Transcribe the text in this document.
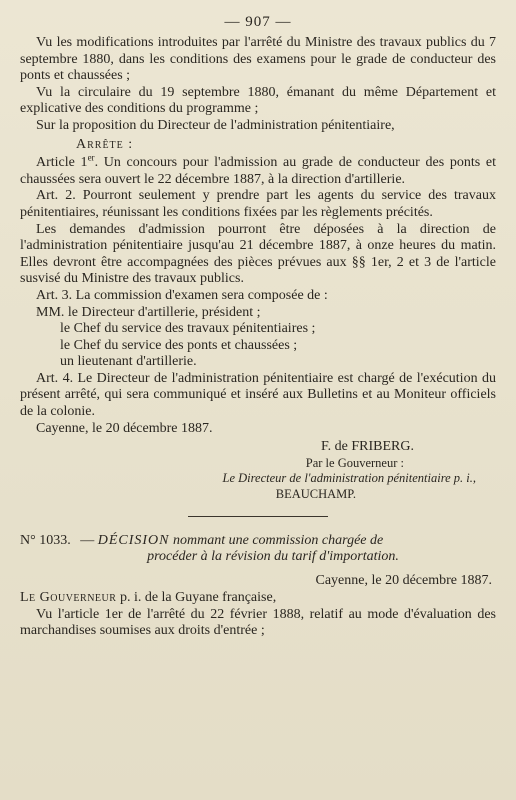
— 907 —

Vu les modifications introduites par l'arrêté du Ministre des travaux publics du 7 septembre 1880, dans les conditions des examens pour le grade de conducteur des ponts et chaussées ;

Vu la circulaire du 19 septembre 1880, émanant du même Département et explicative des conditions du programme ;

Sur la proposition du Directeur de l'administration pénitentiaire,

Arrête :

Article 1er. Un concours pour l'admission au grade de conducteur des ponts et chaussées sera ouvert le 22 décembre 1887, à la direction d'artillerie.

Art. 2. Pourront seulement y prendre part les agents du service des travaux pénitentiaires, réunissant les conditions fixées par les règlements précités.

Les demandes d'admission pourront être déposées à la direction de l'administration pénitentiaire jusqu'au 21 décembre 1887, à onze heures du matin. Elles devront être accompagnées des pièces prévues aux §§ 1er, 2 et 3 de l'article susvisé du Ministre des travaux publics.

Art. 3. La commission d'examen sera composée de :

MM. le Directeur d'artillerie, président ;

le Chef du service des travaux pénitentiaires ;

le Chef du service des ponts et chaussées ;

un lieutenant d'artillerie.

Art. 4. Le Directeur de l'administration pénitentiaire est chargé de l'exécution du présent arrêté, qui sera communiqué et inséré aux Bulletins et au Moniteur officiels de la colonie.

Cayenne, le 20 décembre 1887.

F. de FRIBERG.
Par le Gouverneur :
Le Directeur de l'administration pénitentiaire p. i.,
BEAUCHAMP.
N° 1033. — DÉCISION nommant une commission chargée de
procéder à la révision du tarif d'importation.
Cayenne, le 20 décembre 1887.

Le Gouverneur p. i. de la Guyane française,

Vu l'article 1er de l'arrêté du 22 février 1888, relatif au mode d'évaluation des marchandises soumises aux droits d'entrée ;
